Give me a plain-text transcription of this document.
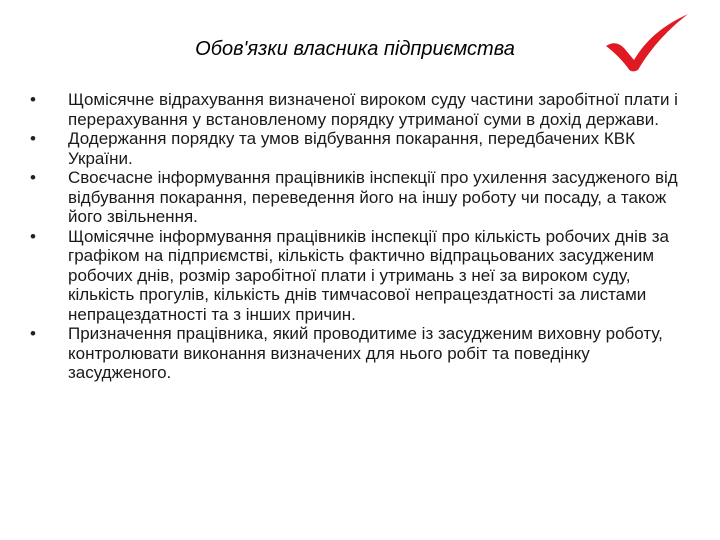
Обов'язки власника підприємства
• Щомісячне відрахування визначеної вироком суду частини заробітної плати і перерахування у встановленому порядку утриманої суми в дохід держави.
• Додержання порядку та умов відбування покарання, передбачених КВК України.
• Своєчасне інформування працівників інспекції про ухилення засудженого від відбування покарання, переведення його на іншу роботу чи посаду, а також його звільнення.
• Щомісячне інформування працівників інспекції про кількість робочих днів за графіком на підприємстві, кількість фактично відпрацьованих засудженим робочих днів, розмір заробітної плати і утримань з неї за вироком суду, кількість прогулів, кількість днів тимчасової непрацездатності за листами непрацездатності та з інших причин.
• Призначення працівника, який проводитиме із засудженим виховну роботу, контролювати виконання визначених для нього робіт та поведінку засудженого.
